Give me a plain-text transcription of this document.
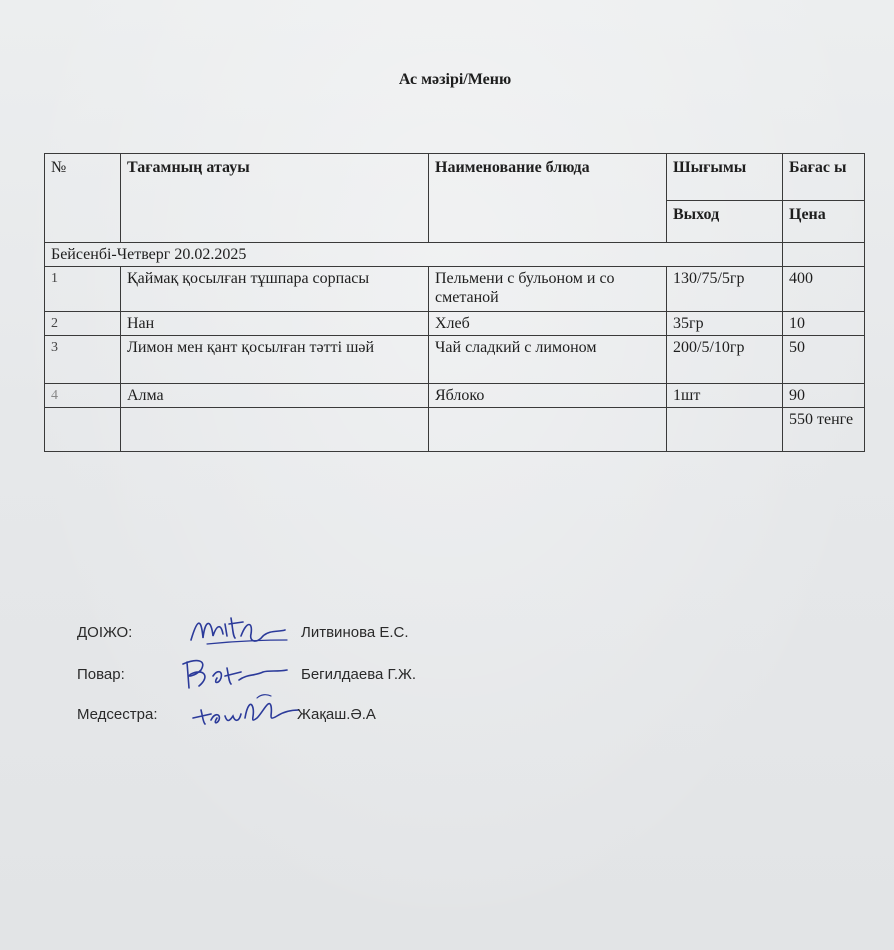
Ас мәзірі/Меню
№	Тағамның атауы	Наименование блюда	Шығымы	Бағас ы
			Выход	Цена
Бейсенбі-Четверг 20.02.2025				
1	Қаймақ қосылған тұшпара сорпасы	Пельмени с бульоном и со сметаной	130/75/5гр	400
2	Нан	Хлеб	35гр	10
3	Лимон мен қант қосылған тәтті шәй	Чай сладкий с лимоном	200/5/10гр	50
4	Алма	Яблоко	1шт	90
				550 тенге
ДОІЖО:	Литвинова Е.С.
Повар:	Бегилдаева Г.Ж.
Медсестра:	Жақаш.Ә.А
